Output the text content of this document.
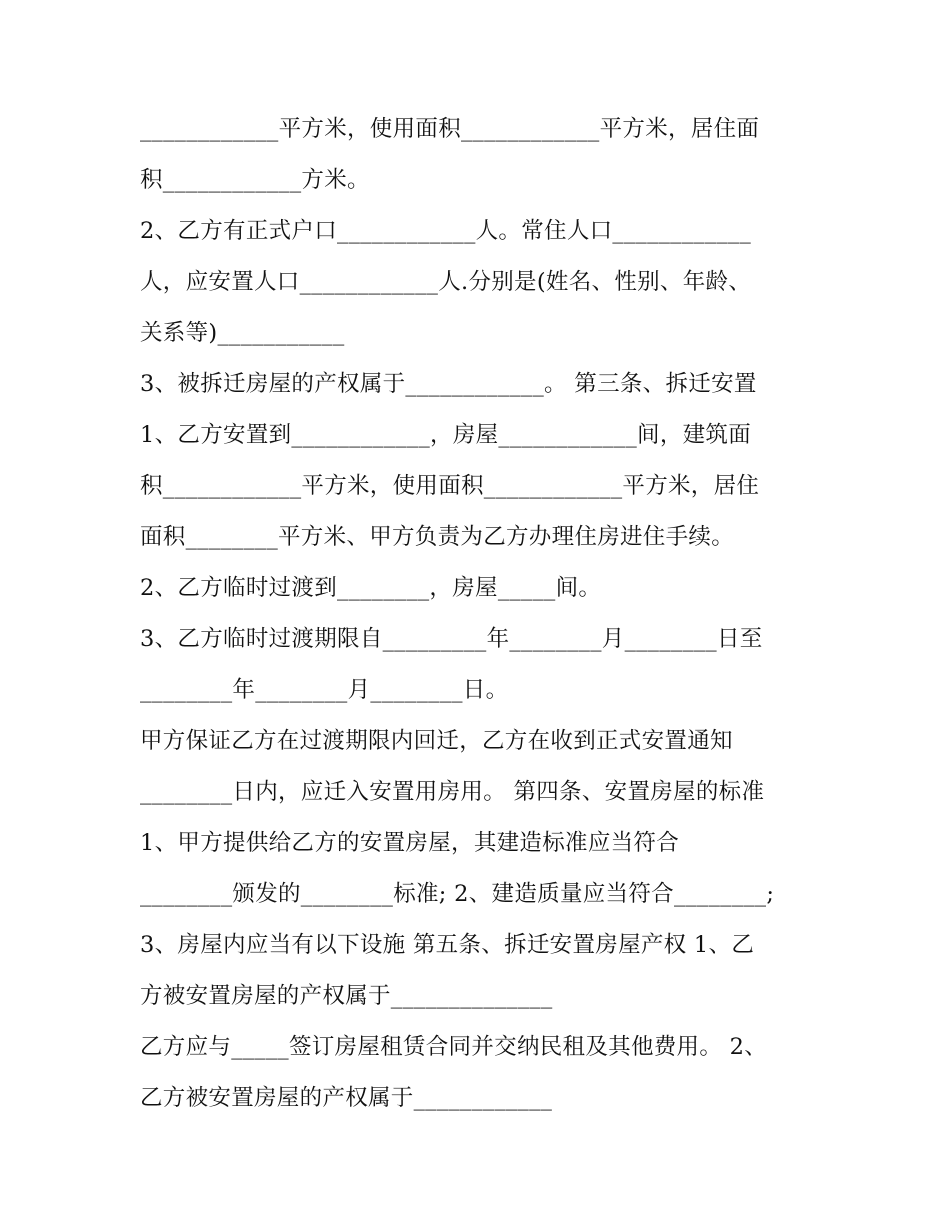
____________平方米，使用面积____________平方米，居住面
积____________方米。
2、乙方有正式户口____________人。常住人口____________
人，应安置人口____________人.分别是(姓名、性别、年龄、
关系等)___________
3、被拆迁房屋的产权属于____________。 第三条、拆迁安置
1、乙方安置到____________，房屋____________间，建筑面
积____________平方米，使用面积____________平方米，居住
面积________平方米、甲方负责为乙方办理住房进住手续。
2、乙方临时过渡到________，房屋_____间。
3、乙方临时过渡期限自_________年________月________日至
________年________月________日。
甲方保证乙方在过渡期限内回迁，乙方在收到正式安置通知
________日内，应迁入安置用房用。 第四条、安置房屋的标准
1、甲方提供给乙方的安置房屋，其建造标准应当符合
________颁发的________标准; 2、建造质量应当符合________;
3、房屋内应当有以下设施 第五条、拆迁安置房屋产权 1、乙
方被安置房屋的产权属于______________
乙方应与_____签订房屋租赁合同并交纳民租及其他费用。 2、
乙方被安置房屋的产权属于____________
